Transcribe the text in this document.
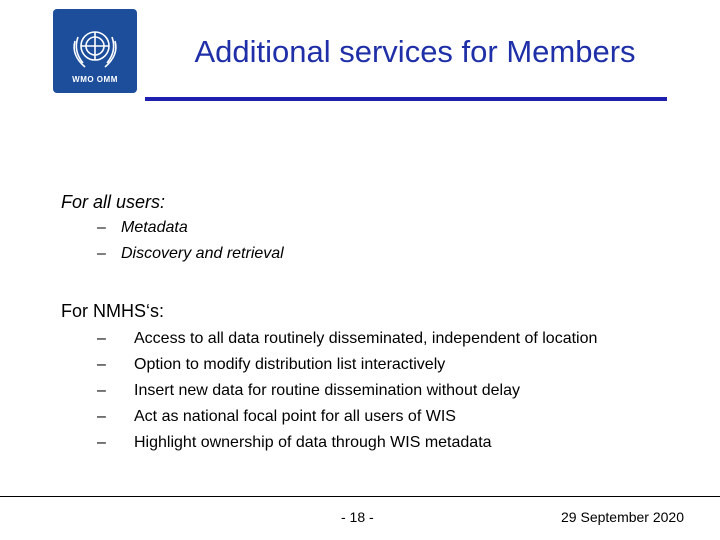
WMO OMM
Additional services for Members
For all users:
– Metadata
– Discovery and retrieval
For NMHS‘s:
– Access to all data routinely disseminated, independent of location
– Option to modify distribution list interactively
– Insert new data for routine dissemination without delay
– Act as national focal point for all users of WIS
– Highlight ownership of data through WIS metadata
- 18 -	29 September 2020
